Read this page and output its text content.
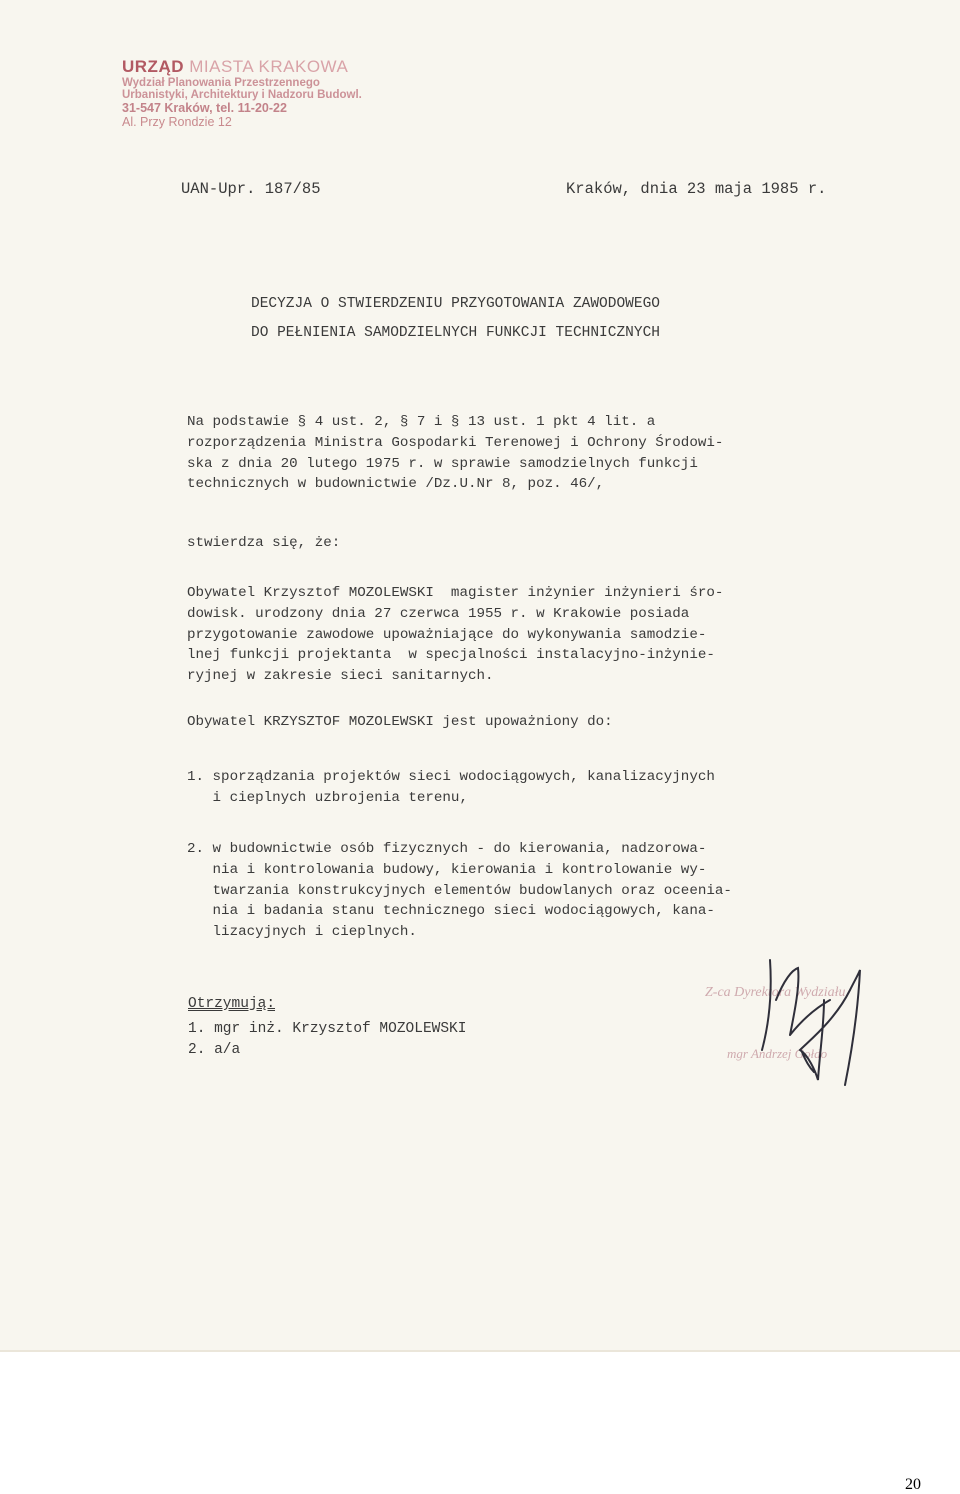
URZĄD MIASTA KRAKOWA
Wydział Planowania Przestrzennego
Urbanistyki, Architektury i Nadzoru Budowl.
31-547 Kraków, tel. 11-20-22
Al. Przy Rondzie 12
UAN-Upr. 187/85	Kraków, dnia 23 maja 1985 r.
DECYZJA O STWIERDZENIU PRZYGOTOWANIA ZAWODOWEGO
DO PEŁNIENIA SAMODZIELNYCH FUNKCJI TECHNICZNYCH
Na podstawie § 4 ust. 2, § 7 i § 13 ust. 1 pkt 4 lit. a
rozporządzenia Ministra Gospodarki Terenowej i Ochrony Środowi-
ska z dnia 20 lutego 1975 r. w sprawie samodzielnych funkcji
technicznych w budownictwie /Dz.U.Nr 8, poz. 46/,
stwierdza się, że:
Obywatel Krzysztof MOZOLEWSKI  magister inżynier inżynieri śro-
dowisk. urodzony dnia 27 czerwca 1955 r. w Krakowie posiada
przygotowanie zawodowe upoważniające do wykonywania samodzie-
lnej funkcji projektanta  w specjalności instalacyjno-inżynie-
ryjnej w zakresie sieci sanitarnych.
Obywatel KRZYSZTOF MOZOLEWSKI jest upoważniony do:
1. sporządzania projektów sieci wodociągowych, kanalizacyjnych
i cieplnych uzbrojenia terenu,
2. w budownictwie osób fizycznych - do kierowania, nadzorowa-
nia i kontrolowania budowy, kierowania i kontrolowanie wy-
twarzania konstrukcyjnych elementów budowlanych oraz oceenia-
nia i badania stanu technicznego sieci wodociągowych, kana-
lizacyjnych i cieplnych.
Otrzymują:
1. mgr inż. Krzysztof MOZOLEWSKI
2. a/a
Z-ca Dyrektora Wydziału
mgr Andrzej Gołdo
20
